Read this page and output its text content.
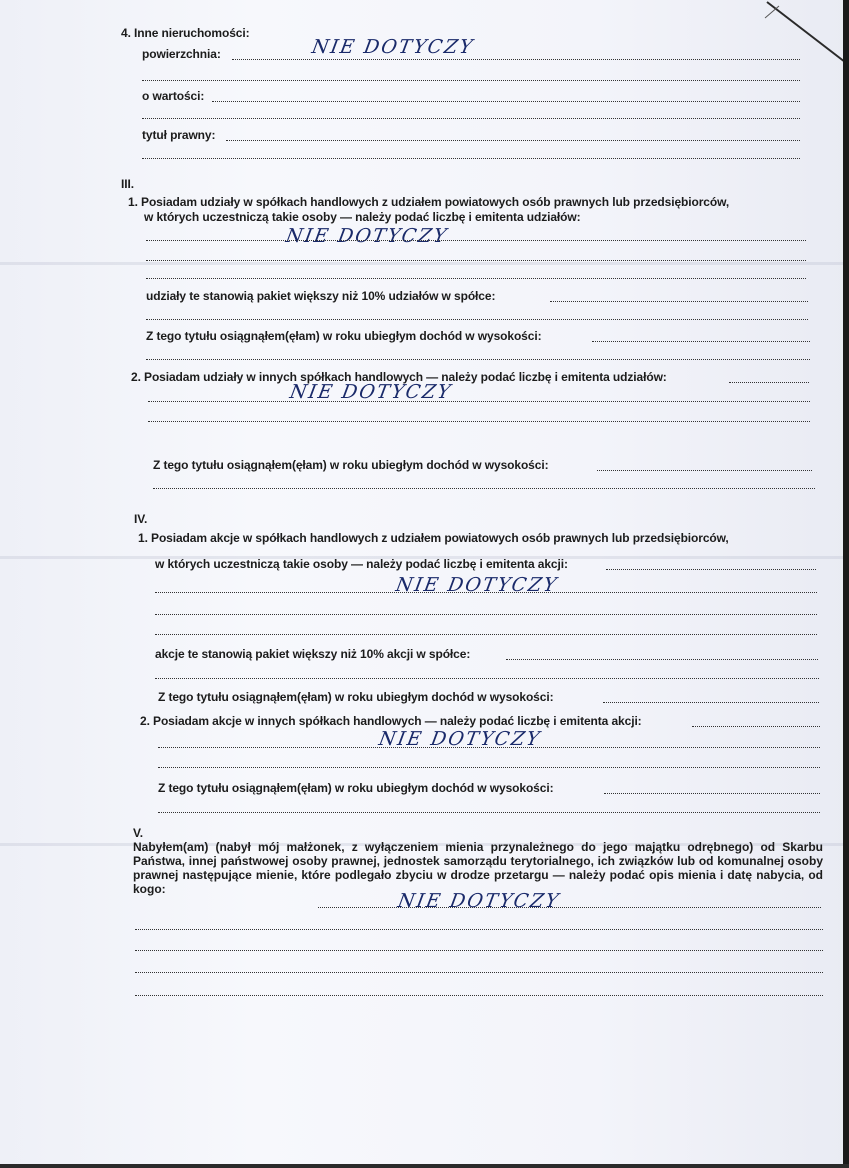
4. Inne nieruchomości:
powierzchnia:	NIE DOTYCZY
o wartości:
tytuł prawny:
III.
1. Posiadam udziały w spółkach handlowych z udziałem powiatowych osób prawnych lub przedsiębiorców,
w których uczestniczą takie osoby — należy podać liczbę i emitenta udziałów:
NIE DOTYCZY
udziały te stanowią pakiet większy niż 10% udziałów w spółce:
Z tego tytułu osiągnąłem(ęłam) w roku ubiegłym dochód w wysokości:
2. Posiadam udziały w innych spółkach handlowych — należy podać liczbę i emitenta udziałów:
NIE DOTYCZY
Z tego tytułu osiągnąłem(ęłam) w roku ubiegłym dochód w wysokości:
IV.
1. Posiadam akcje w spółkach handlowych z udziałem powiatowych osób prawnych lub przedsiębiorców,
w których uczestniczą takie osoby — należy podać liczbę i emitenta akcji:
NIE DOTYCZY
akcje te stanowią pakiet większy niż 10% akcji w spółce:
Z tego tytułu osiągnąłem(ęłam) w roku ubiegłym dochód w wysokości:
2. Posiadam akcje w innych spółkach handlowych — należy podać liczbę i emitenta akcji:
NIE DOTYCZY
Z tego tytułu osiągnąłem(ęłam) w roku ubiegłym dochód w wysokości:
V.
Nabyłem(am) (nabył mój małżonek, z wyłączeniem mienia przynależnego do jego majątku odrębnego) od Skarbu Państwa, innej państwowej osoby prawnej, jednostek samorządu terytorialnego, ich związków lub od komunalnej osoby prawnej następujące mienie, które podlegało zbyciu w drodze przetargu — należy podać opis mienia i datę nabycia, od kogo:
NIE DOTYCZY
